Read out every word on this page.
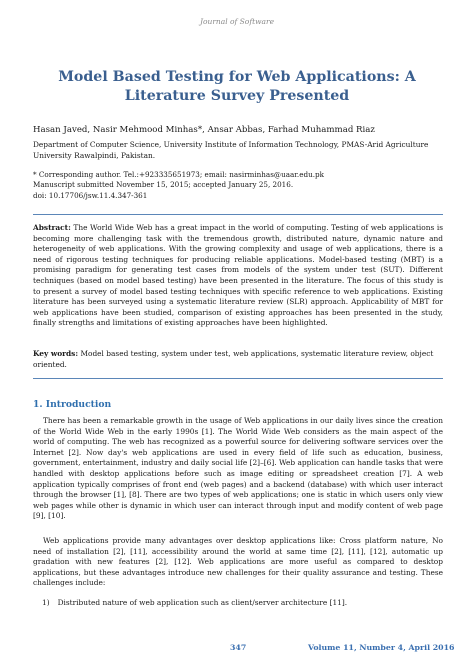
Journal of Software
Model Based Testing for Web Applications: A Literature Survey Presented
Hasan Javed, Nasir Mehmood Minhas*, Ansar Abbas, Farhad Muhammad Riaz
Department of Computer Science, University Institute of Information Technology, PMAS-Arid Agriculture University Rawalpindi, Pakistan.
* Corresponding author. Tel.:+923335651973; email: nasirminhas@uaar.edu.pk
Manuscript submitted November 15, 2015; accepted January 25, 2016.
doi: 10.17706/jsw.11.4.347-361
Abstract: The World Wide Web has a great impact in the world of computing. Testing of web applications is becoming more challenging task with the tremendous growth, distributed nature, dynamic nature and heterogeneity of web applications. With the growing complexity and usage of web applications, there is a need of rigorous testing techniques for producing reliable applications. Model-based testing (MBT) is a promising paradigm for generating test cases from models of the system under test (SUT). Different techniques (based on model based testing) have been presented in the literature. The focus of this study is to present a survey of model based testing techniques with specific reference to web applications. Existing literature has been surveyed using a systematic literature review (SLR) approach. Applicability of MBT for web applications have been studied, comparison of existing approaches has been presented in the study, finally strengths and limitations of existing approaches have been highlighted.
Key words: Model based testing, system under test, web applications, systematic literature review, object oriented.
1. Introduction
There has been a remarkable growth in the usage of Web applications in our daily lives since the creation of the World Wide Web in the early 1990s [1]. The World Wide Web considers as the main aspect of the world of computing. The web has recognized as a powerful source for delivering software services over the Internet [2]. Now day's web applications are used in every field of life such as education, business, government, entertainment, industry and daily social life [2]–[6]. Web application can handle tasks that were handled with desktop applications before such as image editing or spreadsheet creation [7]. A web application typically comprises of front end (web pages) and a backend (database) with which user interact through the browser [1], [8]. There are two types of web applications; one is static in which users only view web pages while other is dynamic in which user can interact through input and modify content of web page [9], [10].
Web applications provide many advantages over desktop applications like: Cross platform nature, No need of installation [2], [11], accessibility around the world at same time [2], [11], [12], automatic up gradation with new features [2], [12]. Web applications are more useful as compared to desktop applications, but these advantages introduce new challenges for their quality assurance and testing. These challenges include:
1) Distributed nature of web application such as client/server architecture [11].
347	Volume 11, Number 4, April 2016
